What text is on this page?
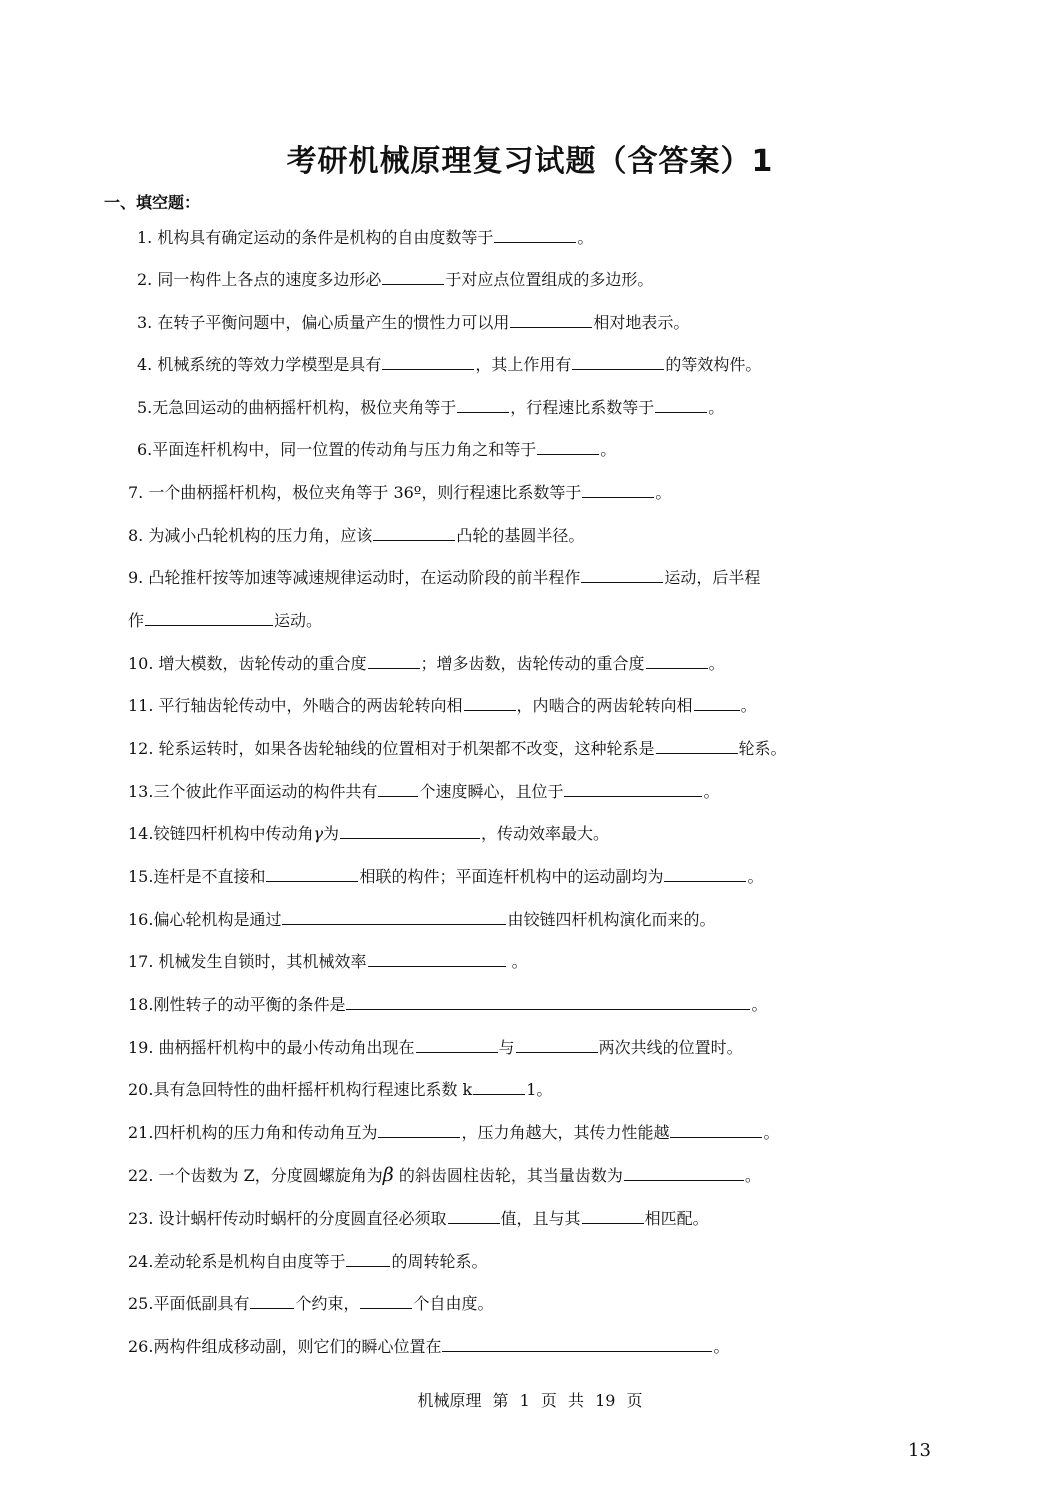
考研机械原理复习试题（含答案）1
一、填空题：
1. 机构具有确定运动的条件是机构的自由度数等于	。
2. 同一构件上各点的速度多边形必	于对应点位置组成的多边形。
3. 在转子平衡问题中，偏心质量产生的惯性力可以用	相对地表示。
4. 机械系统的等效力学模型是具有	，其上作用有	的等效构件。
5.无急回运动的曲柄摇杆机构，极位夹角等于	，行程速比系数等于	。
6.平面连杆机构中，同一位置的传动角与压力角之和等于	。
7. 一个曲柄摇杆机构，极位夹角等于 36º，则行程速比系数等于	。
8. 为减小凸轮机构的压力角，应该	凸轮的基圆半径。
9. 凸轮推杆按等加速等减速规律运动时，在运动阶段的前半程作	运动，后半程
作	运动。
10. 增大模数，齿轮传动的重合度	；增多齿数，齿轮传动的重合度	。
11. 平行轴齿轮传动中，外啮合的两齿轮转向相	，内啮合的两齿轮转向相	。
12. 轮系运转时，如果各齿轮轴线的位置相对于机架都不改变，这种轮系是	轮系。
13.三个彼此作平面运动的构件共有	个速度瞬心，且位于	。
14.铰链四杆机构中传动角γ为	，传动效率最大。
15.连杆是不直接和	相联的构件；平面连杆机构中的运动副均为	。
16.偏心轮机构是通过	由铰链四杆机构演化而来的。
17. 机械发生自锁时，其机械效率	。
18.刚性转子的动平衡的条件是	。
19. 曲柄摇杆机构中的最小传动角出现在	与	两次共线的位置时。
20.具有急回特性的曲杆摇杆机构行程速比系数 k	1。
21.四杆机构的压力角和传动角互为	，压力角越大，其传力性能越	。
22. 一个齿数为 Z，分度圆螺旋角为β 的斜齿圆柱齿轮，其当量齿数为	。
23. 设计蜗杆传动时蜗杆的分度圆直径必须取	值，且与其	相匹配。
24.差动轮系是机构自由度等于	的周转轮系。
25.平面低副具有	个约束，	个自由度。
26.两构件组成移动副，则它们的瞬心位置在	。
机械原理 第 1 页 共 19 页
13
